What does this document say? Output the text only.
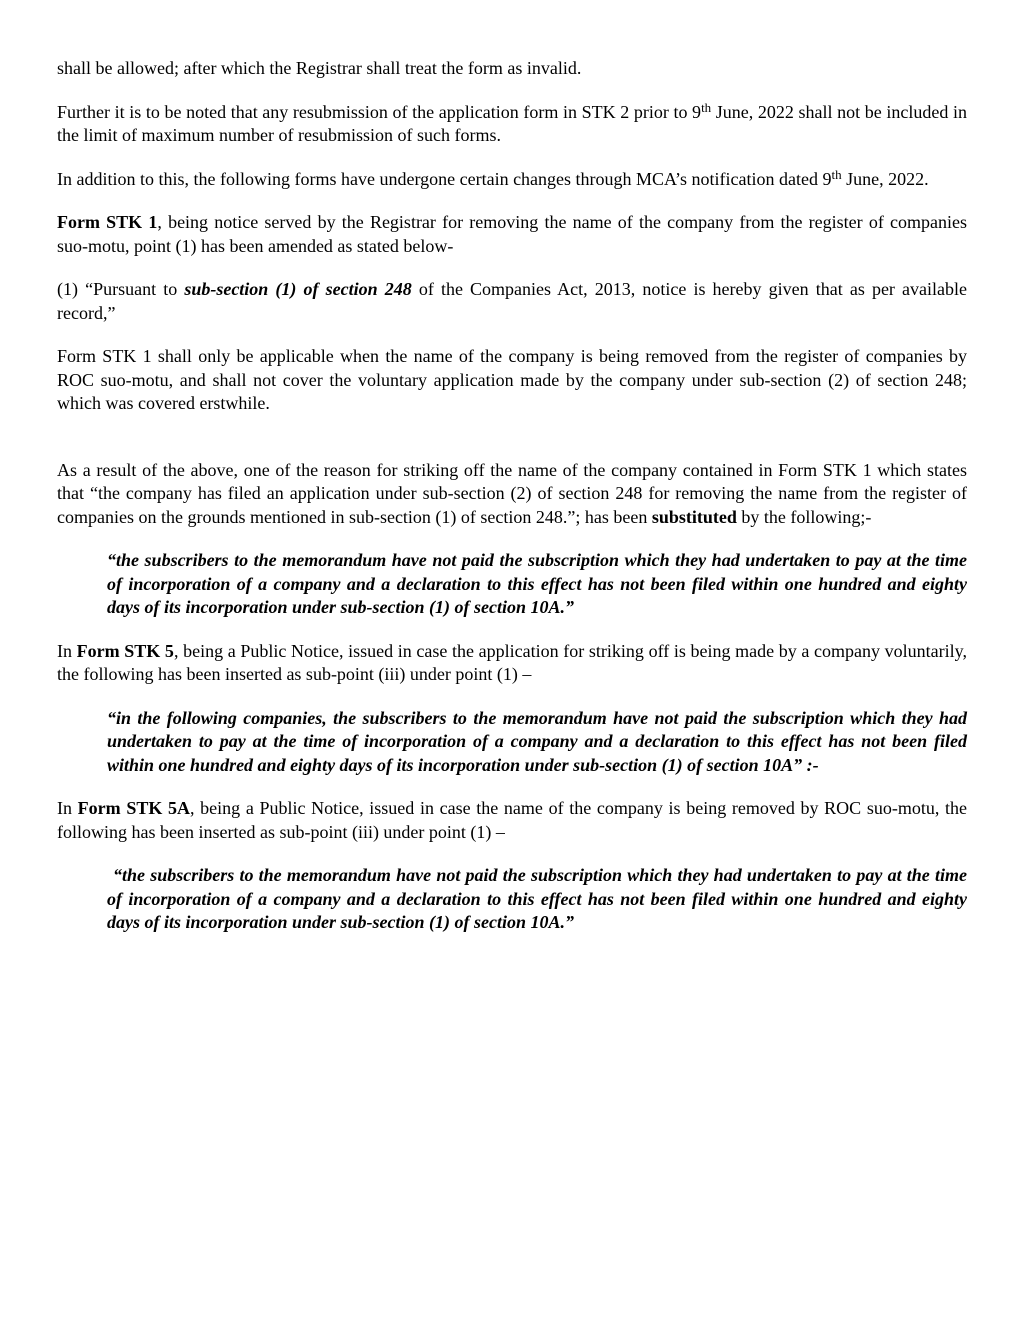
shall be allowed; after which the Registrar shall treat the form as invalid.

Further it is to be noted that any resubmission of the application form in STK 2 prior to 9th June, 2022 shall not be included in the limit of maximum number of resubmission of such forms.

In addition to this, the following forms have undergone certain changes through MCA’s notification dated 9th June, 2022.

Form STK 1, being notice served by the Registrar for removing the name of the company from the register of companies suo-motu, point (1) has been amended as stated below-

(1) “Pursuant to sub-section (1) of section 248 of the Companies Act, 2013, notice is hereby given that as per available record,”

Form STK 1 shall only be applicable when the name of the company is being removed from the register of companies by ROC suo-motu, and shall not cover the voluntary application made by the company under sub-section (2) of section 248; which was covered erstwhile.

As a result of the above, one of the reason for striking off the name of the company contained in Form STK 1 which states that “the company has filed an application under sub-section (2) of section 248 for removing the name from the register of companies on the grounds mentioned in sub-section (1) of section 248.”; has been substituted by the following;-

“the subscribers to the memorandum have not paid the subscription which they had undertaken to pay at the time of incorporation of a company and a declaration to this effect has not been filed within one hundred and eighty days of its incorporation under sub-section (1) of section 10A.”

In Form STK 5, being a Public Notice, issued in case the application for striking off is being made by a company voluntarily, the following has been inserted as sub-point (iii) under point (1) –

“in the following companies, the subscribers to the memorandum have not paid the subscription which they had undertaken to pay at the time of incorporation of a company and a declaration to this effect has not been filed within one hundred and eighty days of its incorporation under sub-section (1) of section 10A” :-

In Form STK 5A, being a Public Notice, issued in case the name of the company is being removed by ROC suo-motu, the following has been inserted as sub-point (iii) under point (1) –

“the subscribers to the memorandum have not paid the subscription which they had undertaken to pay at the time of incorporation of a company and a declaration to this effect has not been filed within one hundred and eighty days of its incorporation under sub-section (1) of section 10A.”
